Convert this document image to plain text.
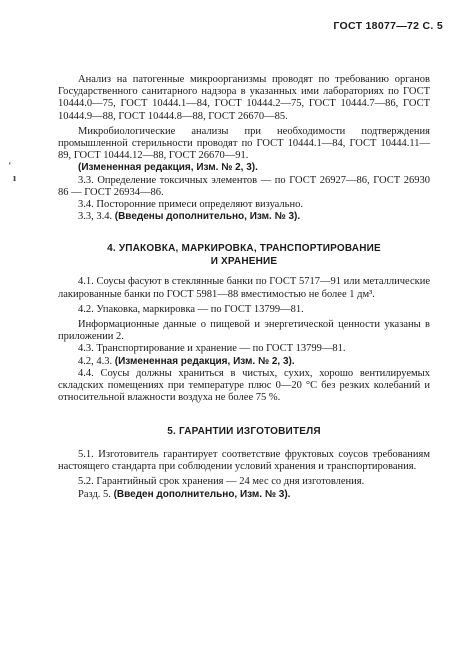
ГОСТ 18077—72 С. 5
‘
ı

Анализ на патогенные микроорганизмы проводят по требованию органов Государственного санитарного надзора в указанных ими лабораториях по ГОСТ 10444.0—75, ГОСТ 10444.1—84, ГОСТ 10444.2—75, ГОСТ 10444.7—86, ГОСТ 10444.9—88, ГОСТ 10444.8—88, ГОСТ 26670—85.

Микробиологические анализы при необходимости подтверждения промышленной стерильности проводят по ГОСТ 10444.1—84, ГОСТ 10444.11—89, ГОСТ 10444.12—88, ГОСТ 26670—91.

(Измененная редакция, Изм. № 2, 3).

3.3. Определение токсичных элементов — по ГОСТ 26927—86, ГОСТ 26930 86 — ГОСТ 26934—86.

3.4. Посторонние примеси определяют визуально.

3.3, 3.4. (Введены дополнительно, Изм. № 3).

4. УПАКОВКА, МАРКИРОВКА, ТРАНСПОРТИРОВАНИЕ
И ХРАНЕНИЕ

4.1. Соусы фасуют в стеклянные банки по ГОСТ 5717—91 или металлические лакированные банки по ГОСТ 5981—88 вместимостью не более 1 дм³.

4.2. Упаковка, маркировка — по ГОСТ 13799—81.

Информационные данные о пищевой и энергетической ценности указаны в приложении 2.

4.3. Транспортирование и хранение — по ГОСТ 13799—81.

4.2, 4.3. (Измененная редакция, Изм. № 2, 3).

4.4. Соусы должны храниться в чистых, сухих, хорошо вентилируемых складских помещениях при температуре плюс 0—20 °С без резких колебаний и относительной влажности воздуха не более 75 %.

5. ГАРАНТИИ ИЗГОТОВИТЕЛЯ

5.1. Изготовитель гарантирует соответствие фруктовых соусов требованиям настоящего стандарта при соблюдении условий хранения и транспортирования.

5.2. Гарантийный срок хранения — 24 мес со дня изготовления.

Разд. 5. (Введен дополнительно, Изм. № 3).
